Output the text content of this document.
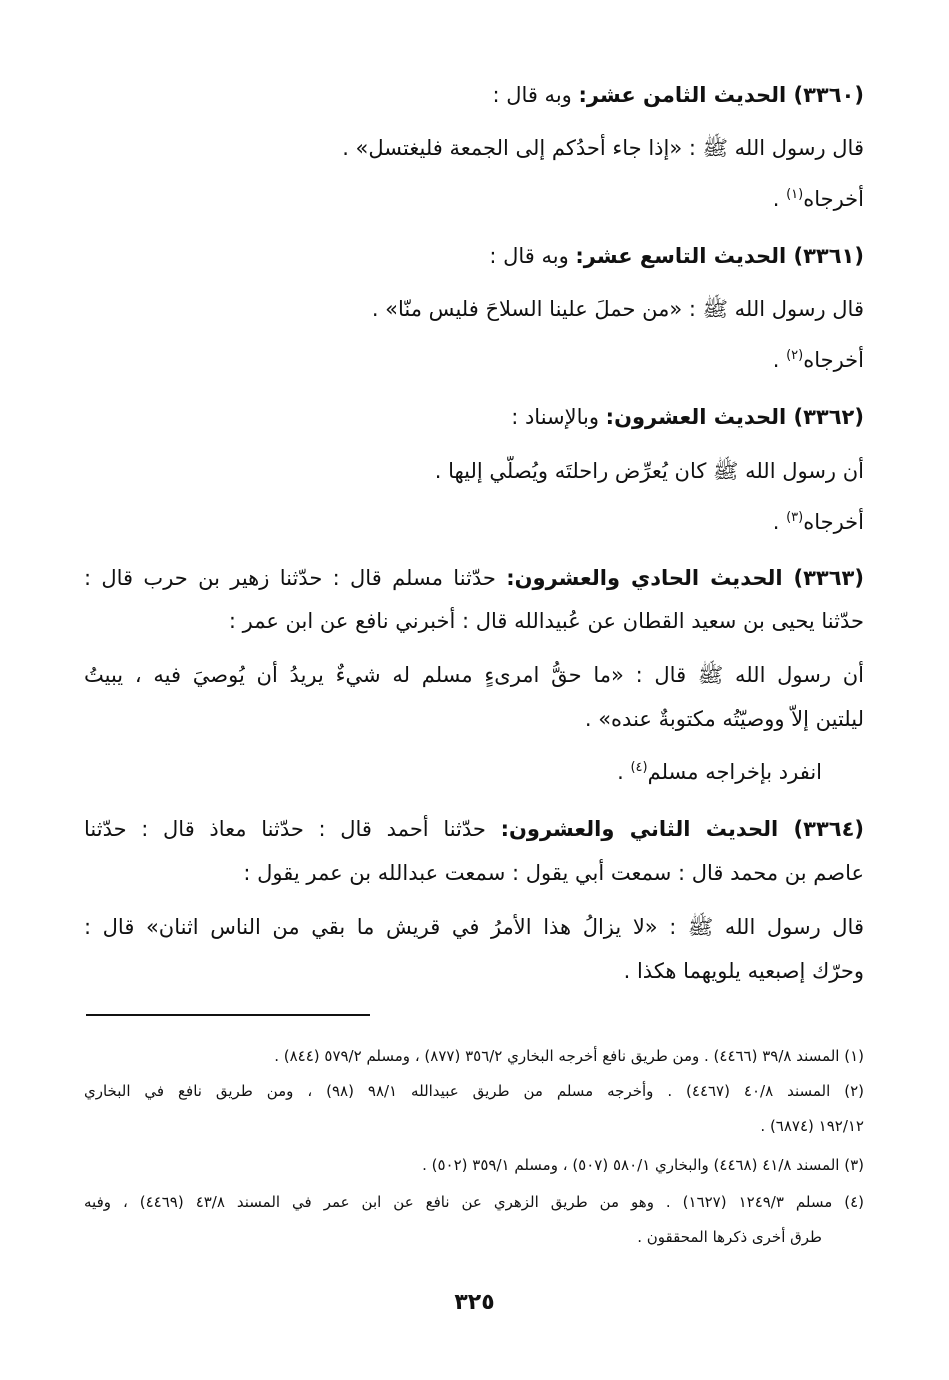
(٣٣٦٠) الحديث الثامن عشر: وبه قال :
قال رسول الله ﷺ : «إذا جاء أحدُكم إلى الجمعة فليغتسل» .
أخرجاه$^{(١)}$ .
(٣٣٦١) الحديث التاسع عشر: وبه قال :
قال رسول الله ﷺ : «من حملَ علينا السلاحَ فليس منّا» .
أخرجاه$^{(٢)}$ .
(٣٣٦٢) الحديث العشرون: وبالإسناد :
أن رسول الله ﷺ كان يُعرِّض راحلتَه ويُصلّي إليها .
أخرجاه$^{(٣)}$ .
(٣٣٦٣) الحديث الحادي والعشرون: حدّثنا مسلم قال : حدّثنا زهير بن حرب قال :
حدّثنا يحيى بن سعيد القطان عن عُبيدالله قال : أخبرني نافع عن ابن عمر :
أن رسول الله ﷺ قال : «ما حقُّ امرىءٍ مسلم له شيءٌ يريدُ أن يُوصيَ فيه ، يبيتُ
ليلتين إلاّ ووصيّتُه مكتوبةٌ عنده» .
انفرد بإخراجه مسلم$^{(٤)}$ .
(٣٣٦٤) الحديث الثاني والعشرون: حدّثنا أحمد قال : حدّثنا معاذ قال : حدّثنا
عاصم بن محمد قال : سمعت أبي يقول : سمعت عبدالله بن عمر يقول :
قال رسول الله ﷺ : «لا يزالُ هذا الأمرُ في قريش ما بقي من الناس اثنان» قال :
وحرّك إصبعيه يلويهما هكذا .
(١) المسند ٣٩/٨ (٤٤٦٦) . ومن طريق نافع أخرجه البخاري ٣٥٦/٢ (٨٧٧) ، ومسلم ٥٧٩/٢ (٨٤٤) .
(٢) المسند ٤٠/٨ (٤٤٦٧) . وأخرجه مسلم من طريق عبيدالله ٩٨/١ (٩٨) ، ومن طريق نافع في البخاري
١٩٢/١٢ (٦٨٧٤) .
(٣) المسند ٤١/٨ (٤٤٦٨) والبخاري ٥٨٠/١ (٥٠٧) ، ومسلم ٣٥٩/١ (٥٠٢) .
(٤) مسلم ١٢٤٩/٣ (١٦٢٧) . وهو من طريق الزهري عن نافع عن ابن عمر في المسند ٤٣/٨ (٤٤٦٩) ، وفيه
طرق أخرى ذكرها المحققون .
٣٢٥
